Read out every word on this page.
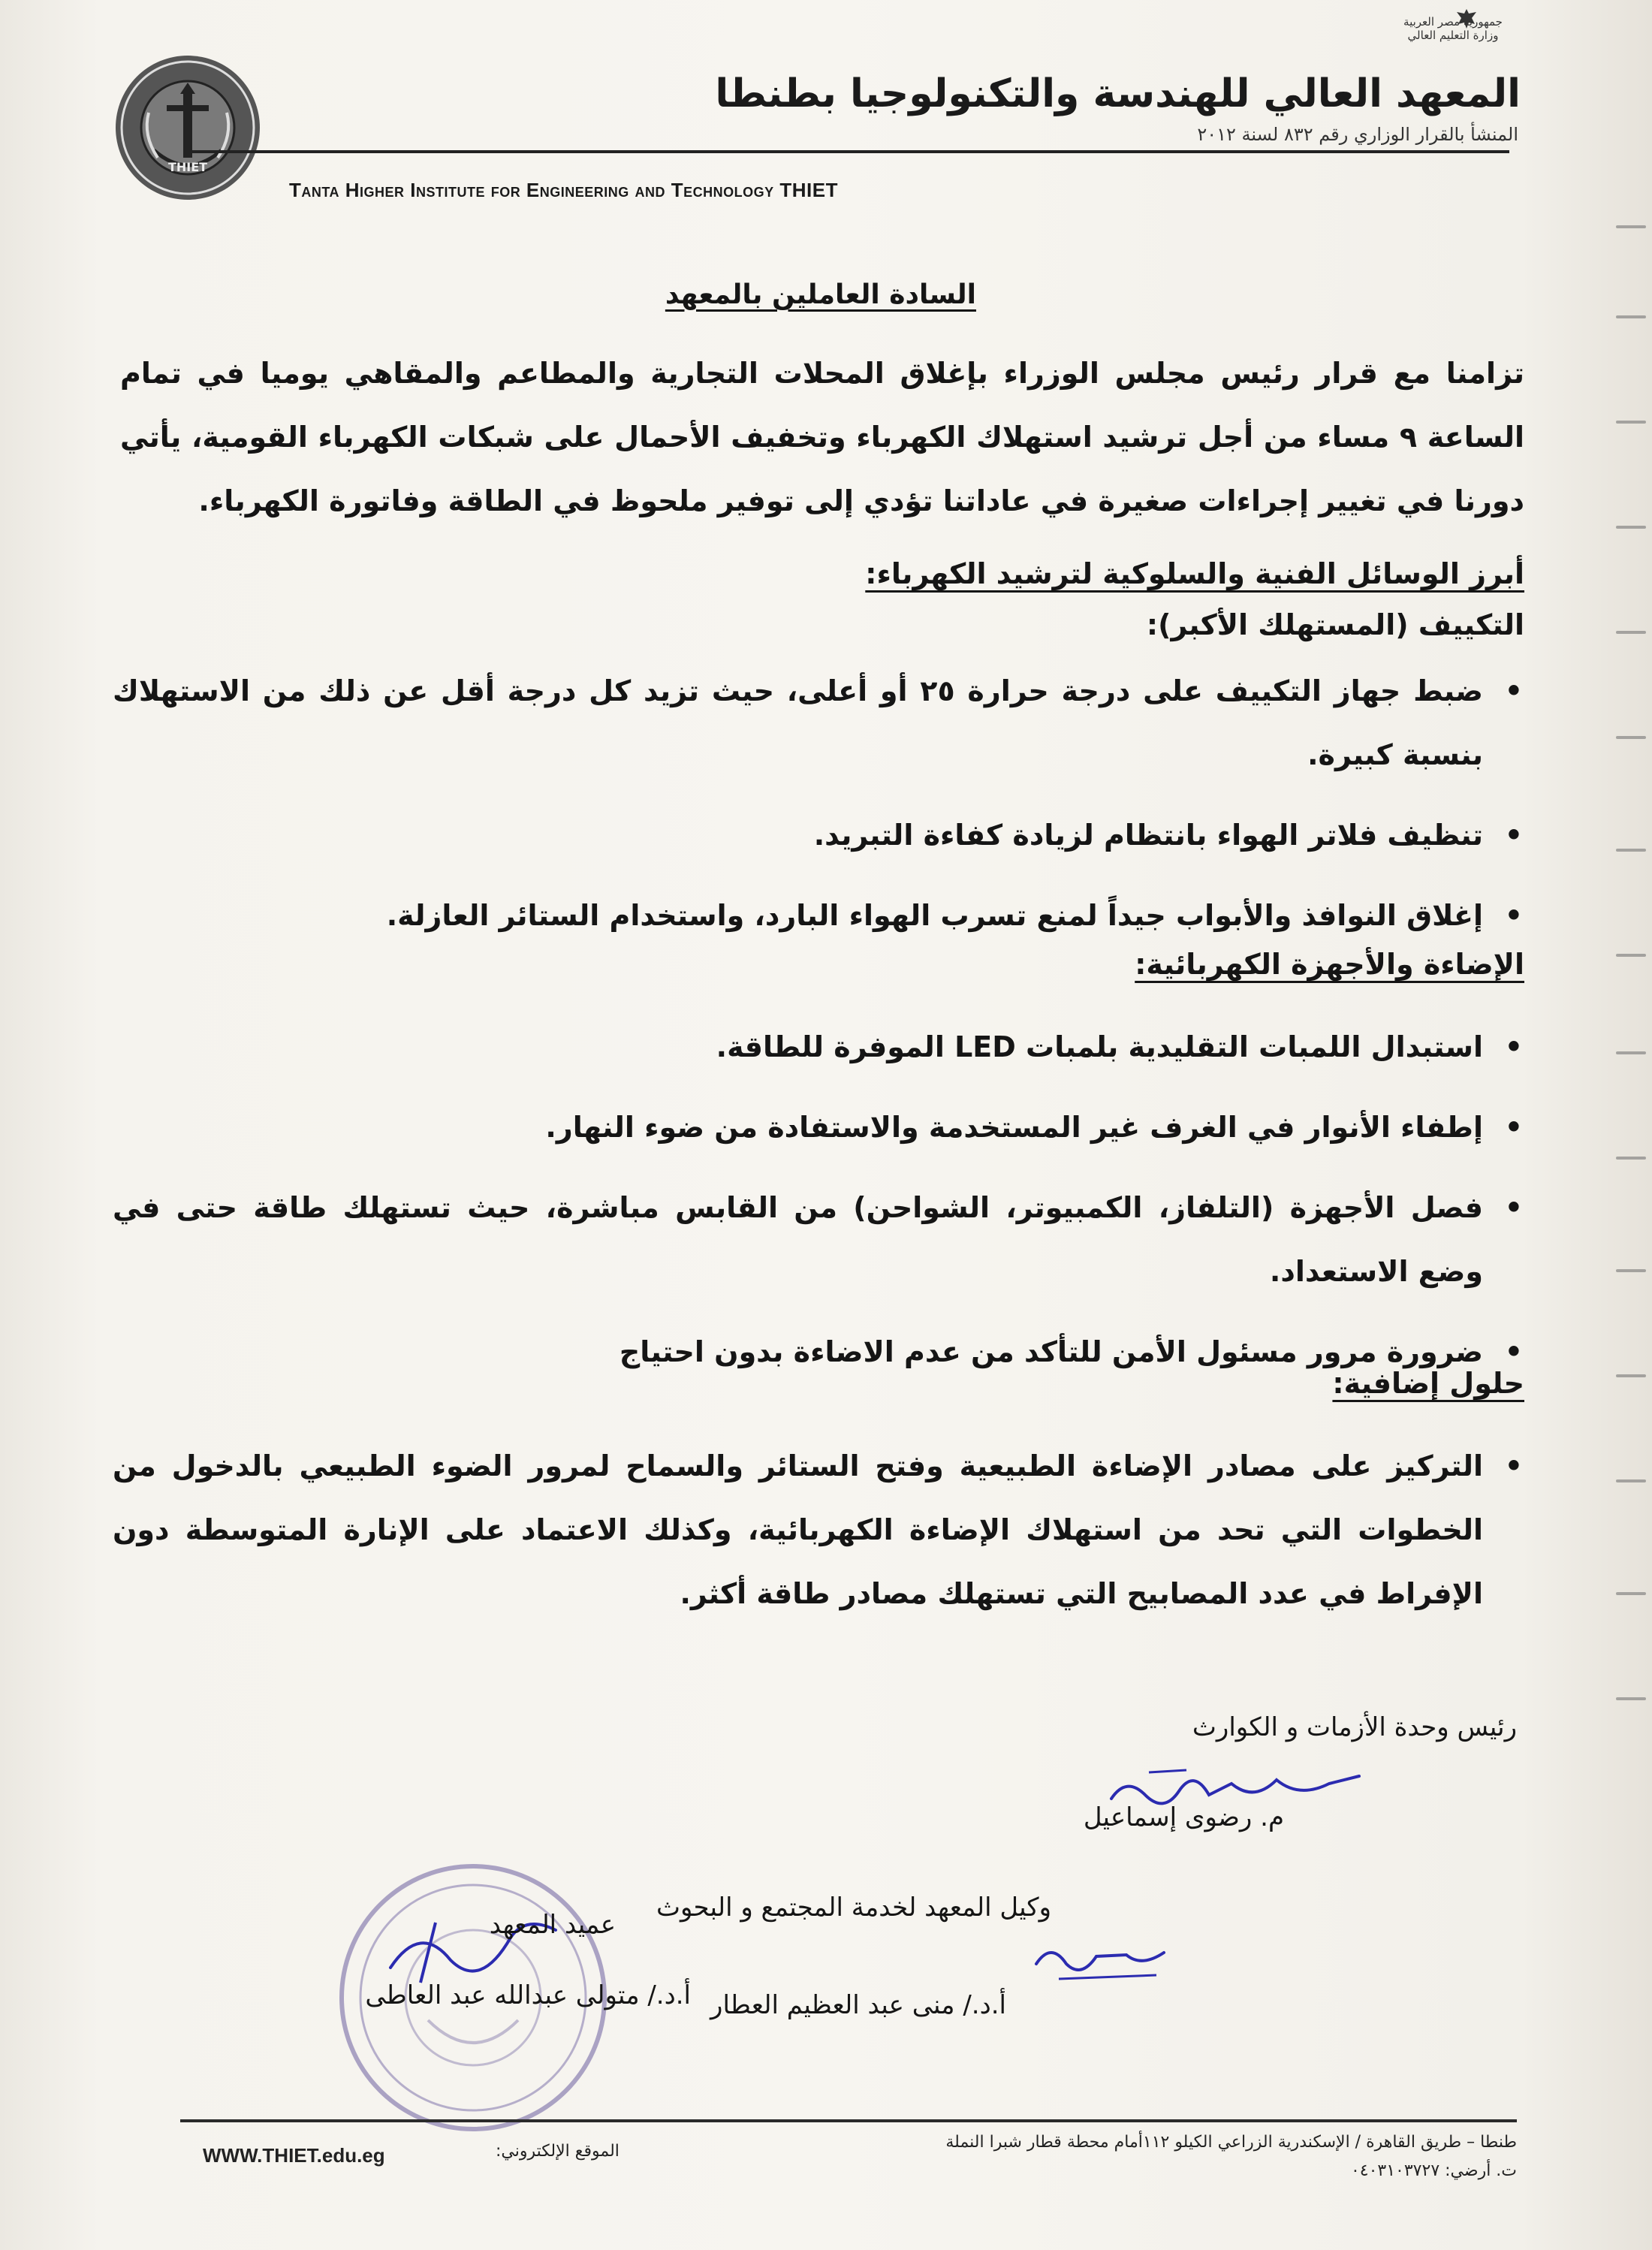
THIET
جمهورية مصر العربية
وزارة التعليم العالي
المعهد العالي للهندسة والتكنولوجيا بطنطا
المنشأ بالقرار الوزاري رقم ٨٣٢ لسنة ٢٠١٢
Tanta Higher Institute for Engineering and Technology THIET
السادة العاملين بالمعهد
تزامنا مع قرار رئيس مجلس الوزراء بإغلاق المحلات التجارية والمطاعم والمقاهي يوميا في تمام الساعة ٩ مساء من أجل ترشيد استهلاك الكهرباء وتخفيف الأحمال على شبكات الكهرباء القومية، يأتي دورنا في تغيير إجراءات صغيرة في عاداتنا تؤدي إلى توفير ملحوظ في الطاقة وفاتورة الكهرباء.
أبرز الوسائل الفنية والسلوكية لترشيد الكهرباء:
التكييف (المستهلك الأكبر):
• ضبط جهاز التكييف على درجة حرارة ٢٥ أو أعلى، حيث تزيد كل درجة أقل عن ذلك من الاستهلاك بنسبة كبيرة.
• تنظيف فلاتر الهواء بانتظام لزيادة كفاءة التبريد.
• إغلاق النوافذ والأبواب جيداً لمنع تسرب الهواء البارد، واستخدام الستائر العازلة.
الإضاءة والأجهزة الكهربائية:
• استبدال اللمبات التقليدية بلمبات LED الموفرة للطاقة.
• إطفاء الأنوار في الغرف غير المستخدمة والاستفادة من ضوء النهار.
• فصل الأجهزة (التلفاز، الكمبيوتر، الشواحن) من القابس مباشرة، حيث تستهلك طاقة حتى في وضع الاستعداد.
• ضرورة مرور مسئول الأمن للتأكد من عدم الاضاءة بدون احتياج
حلول إضافية:
• التركيز على مصادر الإضاءة الطبيعية وفتح الستائر والسماح لمرور الضوء الطبيعي بالدخول من الخطوات التي تحد من استهلاك الإضاءة الكهربائية، وكذلك الاعتماد على الإنارة المتوسطة دون الإفراط في عدد المصابيح التي تستهلك مصادر طاقة أكثر.
رئيس وحدة الأزمات و الكوارث
م. رضوى إسماعيل
وكيل المعهد لخدمة المجتمع و البحوث
أ.د./ منى عبد العظيم العطار
عميد المعهد
أ.د./ متولى عبدالله عبد العاطى
WWW.THIET.edu.eg	الموقع الإلكتروني:	طنطا – طريق القاهرة / الإسكندرية الزراعي الكيلو ١١٢أمام محطة قطار شبرا النملة
ت. أرضي: ٠٤٠٣١٠٣٧٢٧
